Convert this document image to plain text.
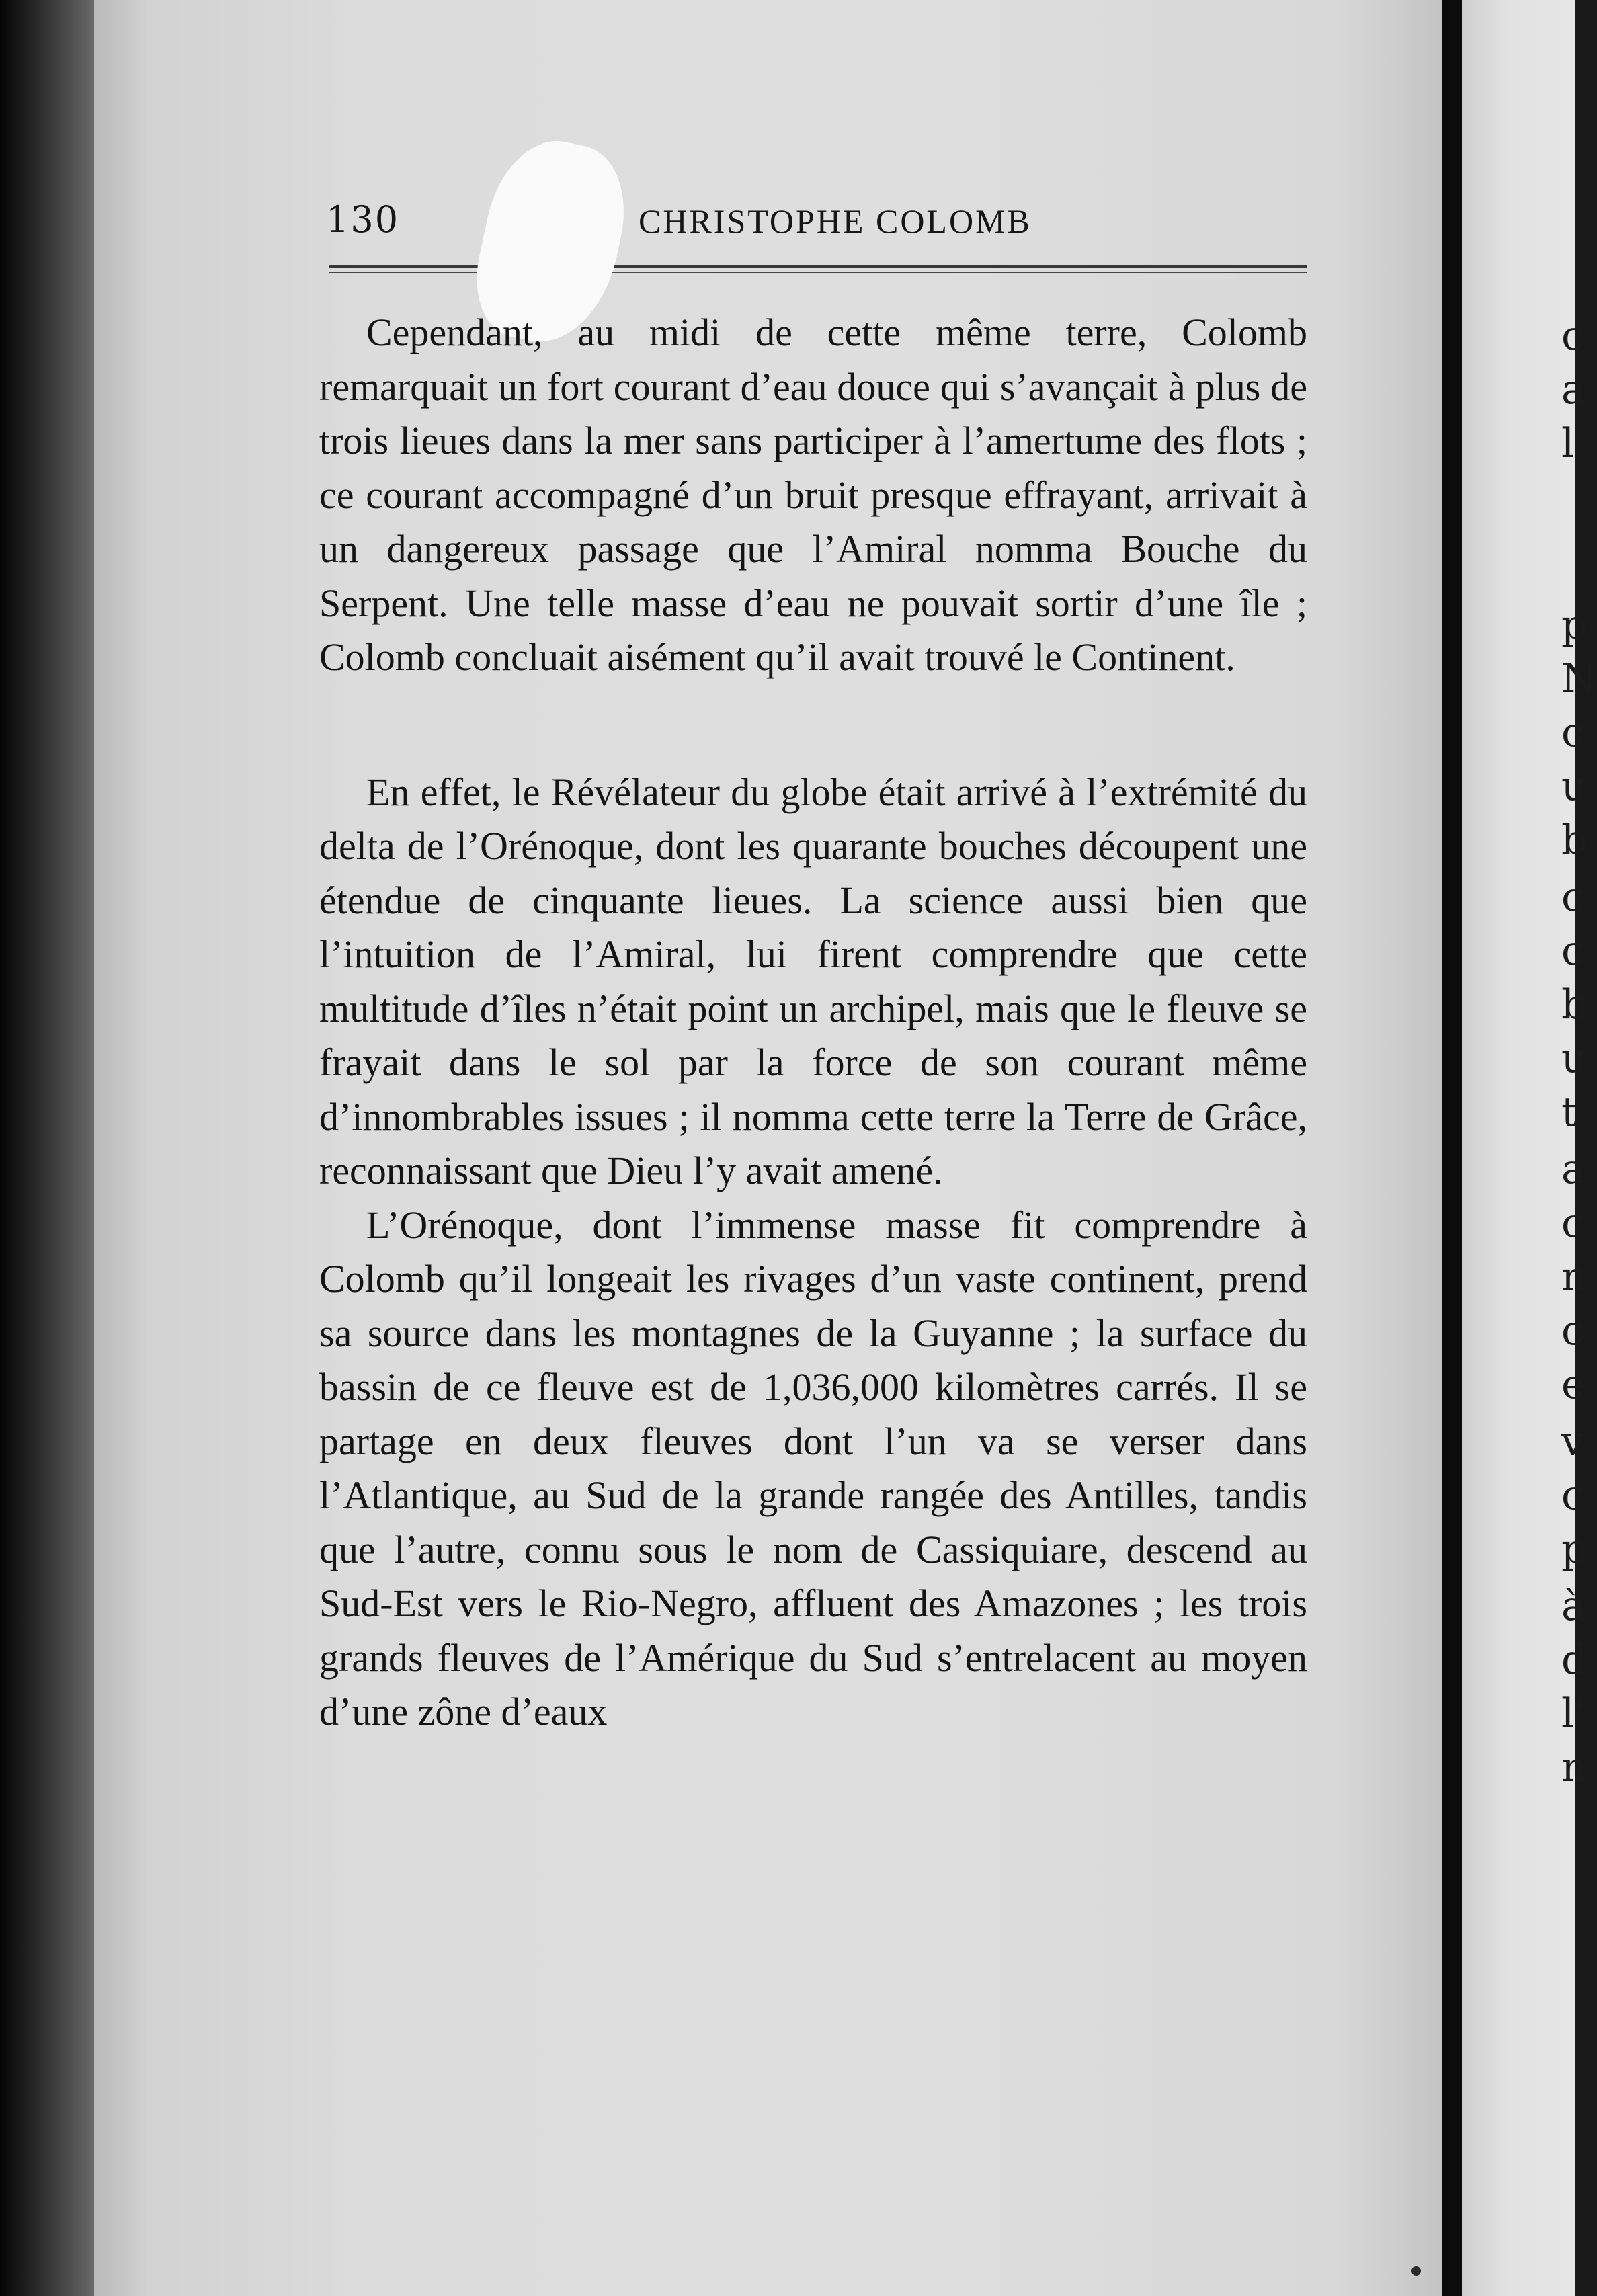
130	CHRISTOPHE COLOMB

Cependant, au midi de cette même terre, Colomb remarquait un fort courant d’eau douce qui s’avançait à plus de trois lieues dans la mer sans participer à l’amertume des flots ; ce courant accompagné d’un bruit presque effrayant, arrivait à un dangereux passage que l’Amiral nomma Bouche du Serpent. Une telle masse d’eau ne pouvait sortir d’une île ; Colomb concluait aisément qu’il avait trouvé le Continent.

En effet, le Révélateur du globe était arrivé à l’extrémité du delta de l’Orénoque, dont les quarante bouches découpent une étendue de cinquante lieues. La science aussi bien que l’intuition de l’Amiral, lui firent comprendre que cette multitude d’îles n’était point un archipel, mais que le fleuve se frayait dans le sol par la force de son courant même d’innombrables issues ; il nomma cette terre la Terre de Grâce, reconnaissant que Dieu l’y avait amené.

L’Orénoque, dont l’immense masse fit comprendre à Colomb qu’il longeait les rivages d’un vaste continent, prend sa source dans les montagnes de la Guyanne ; la surface du bassin de ce fleuve est de 1,036,000 kilomètres carrés. Il se partage en deux fleuves dont l’un va se verser dans l’Atlantique, au Sud de la grande rangée des Antilles, tandis que l’autre, connu sous le nom de Cassiquiare, descend au Sud-Est vers le Rio-Negro, affluent des Amazones ; les trois grands fleuves de l’Amérique du Sud s’entrelacent au moyen d’une zône d’eaux

c
a
l
p
N
c
u
b
c
c
b
u
t
a
c
n
c
e
v
c
p
à
d
l'
n
